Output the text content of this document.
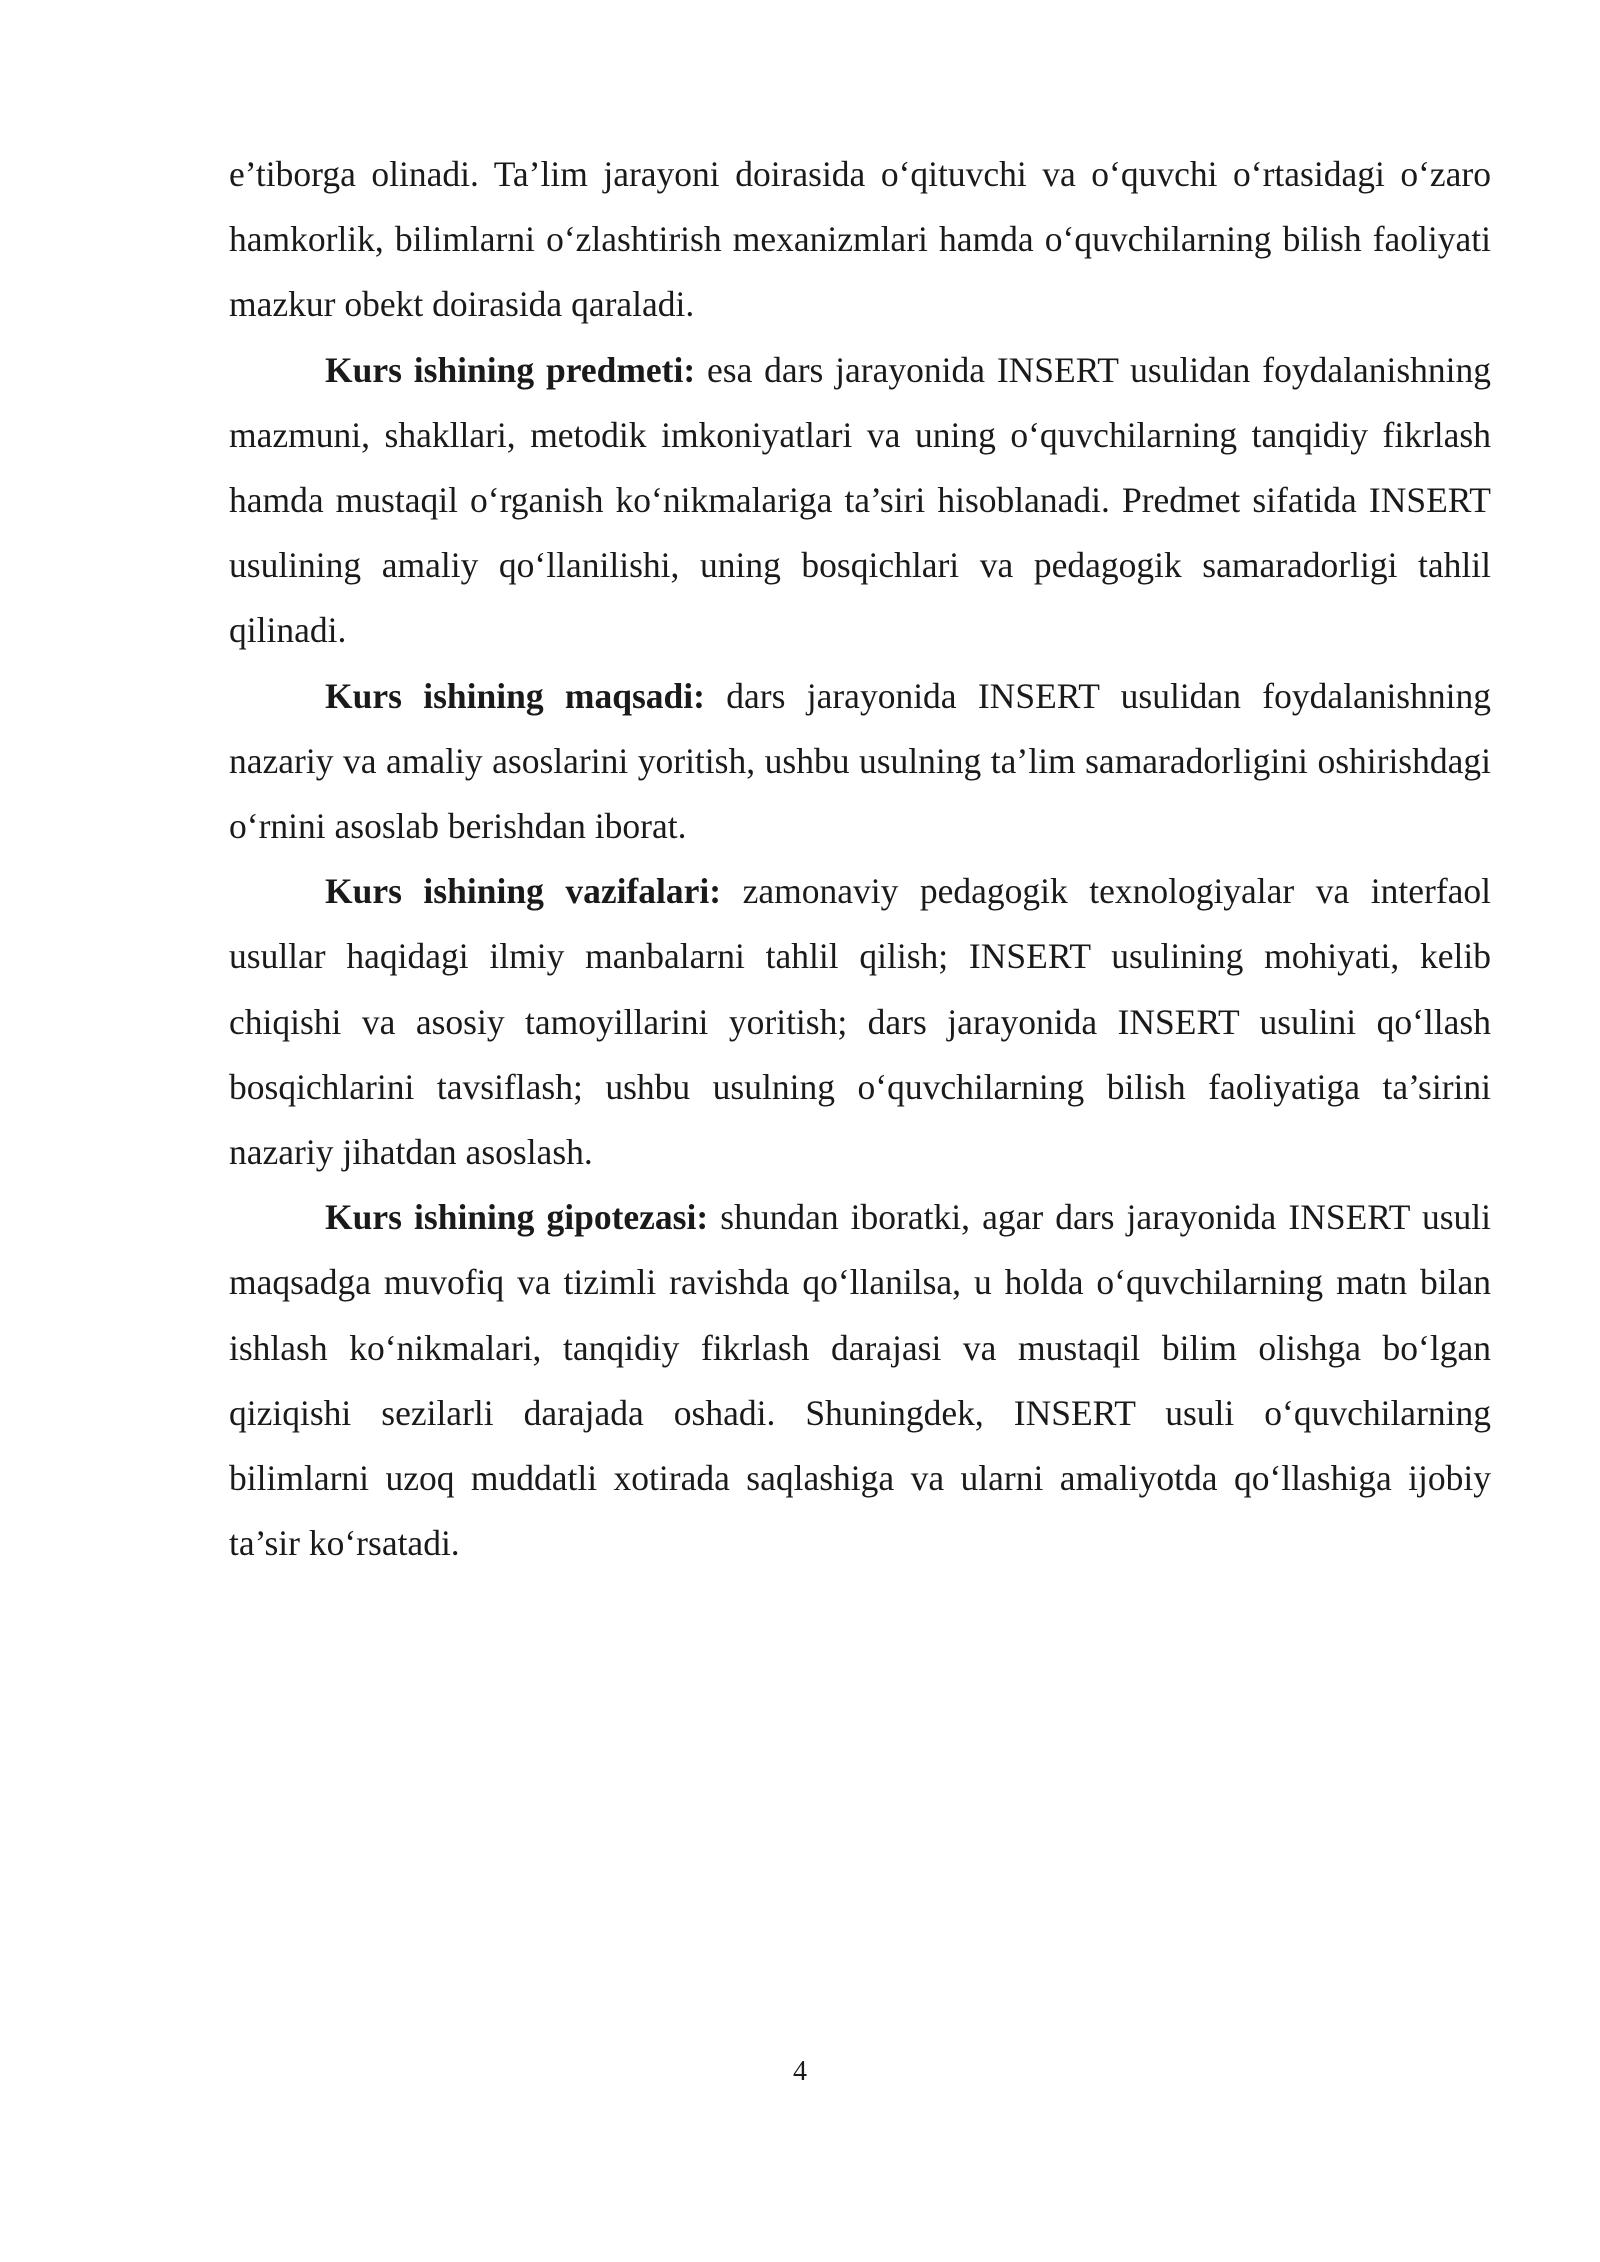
e’tiborga olinadi. Ta’lim jarayoni doirasida o‘qituvchi va o‘quvchi o‘rtasidagi o‘zaro hamkorlik, bilimlarni o‘zlashtirish mexanizmlari hamda o‘quvchilarning bilish faoliyati mazkur obekt doirasida qaraladi.

Kurs ishining predmeti: esa dars jarayonida INSERT usulidan foydalanishning mazmuni, shakllari, metodik imkoniyatlari va uning o‘quvchilarning tanqidiy fikrlash hamda mustaqil o‘rganish ko‘nikmalariga ta’siri hisoblanadi. Predmet sifatida INSERT usulining amaliy qo‘llanilishi, uning bosqichlari va pedagogik samaradorligi tahlil qilinadi.

Kurs ishining maqsadi: dars jarayonida INSERT usulidan foydalanishning nazariy va amaliy asoslarini yoritish, ushbu usulning ta’lim samaradorligini oshirishdagi o‘rnini asoslab berishdan iborat.

Kurs ishining vazifalari: zamonaviy pedagogik texnologiyalar va interfaol usullar haqidagi ilmiy manbalarni tahlil qilish; INSERT usulining mohiyati, kelib chiqishi va asosiy tamoyillarini yoritish; dars jarayonida INSERT usulini qo‘llash bosqichlarini tavsiflash; ushbu usulning o‘quvchilarning bilish faoliyatiga ta’sirini nazariy jihatdan asoslash.

Kurs ishining gipotezasi: shundan iboratki, agar dars jarayonida INSERT usuli maqsadga muvofiq va tizimli ravishda qo‘llanilsa, u holda o‘quvchilarning matn bilan ishlash ko‘nikmalari, tanqidiy fikrlash darajasi va mustaqil bilim olishga bo‘lgan qiziqishi sezilarli darajada oshadi. Shuningdek, INSERT usuli o‘quvchilarning bilimlarni uzoq muddatli xotirada saqlashiga va ularni amaliyotda qo‘llashiga ijobiy ta’sir ko‘rsatadi.

4
